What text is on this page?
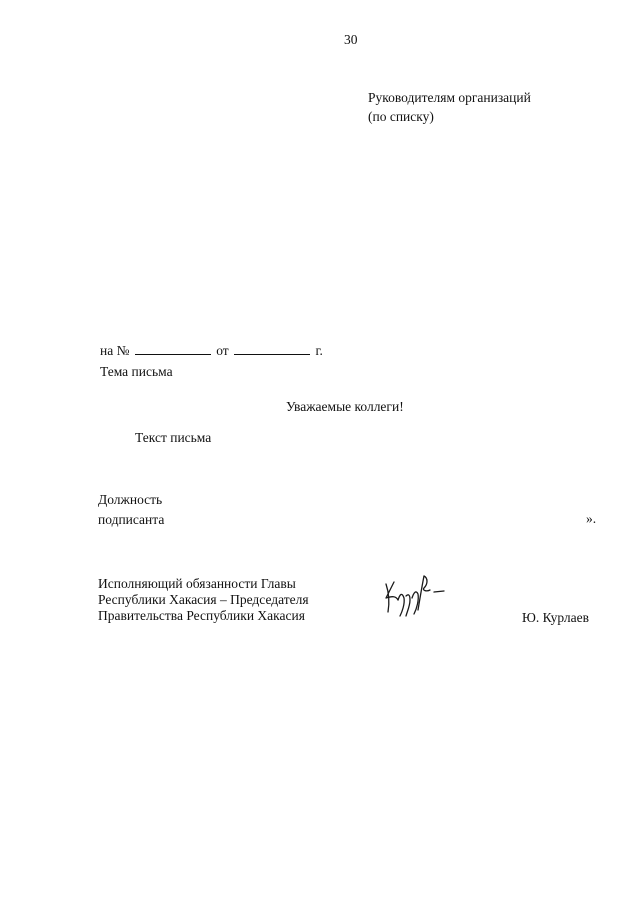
30
Руководителям организаций
(по списку)
на №	от	г.
Тема письма
Уважаемые коллеги!
Текст письма
Должность
подписанта	».
Исполняющий обязанности Главы
Республики Хакасия – Председателя
Правительства Республики Хакасия	Ю. Курлаев
